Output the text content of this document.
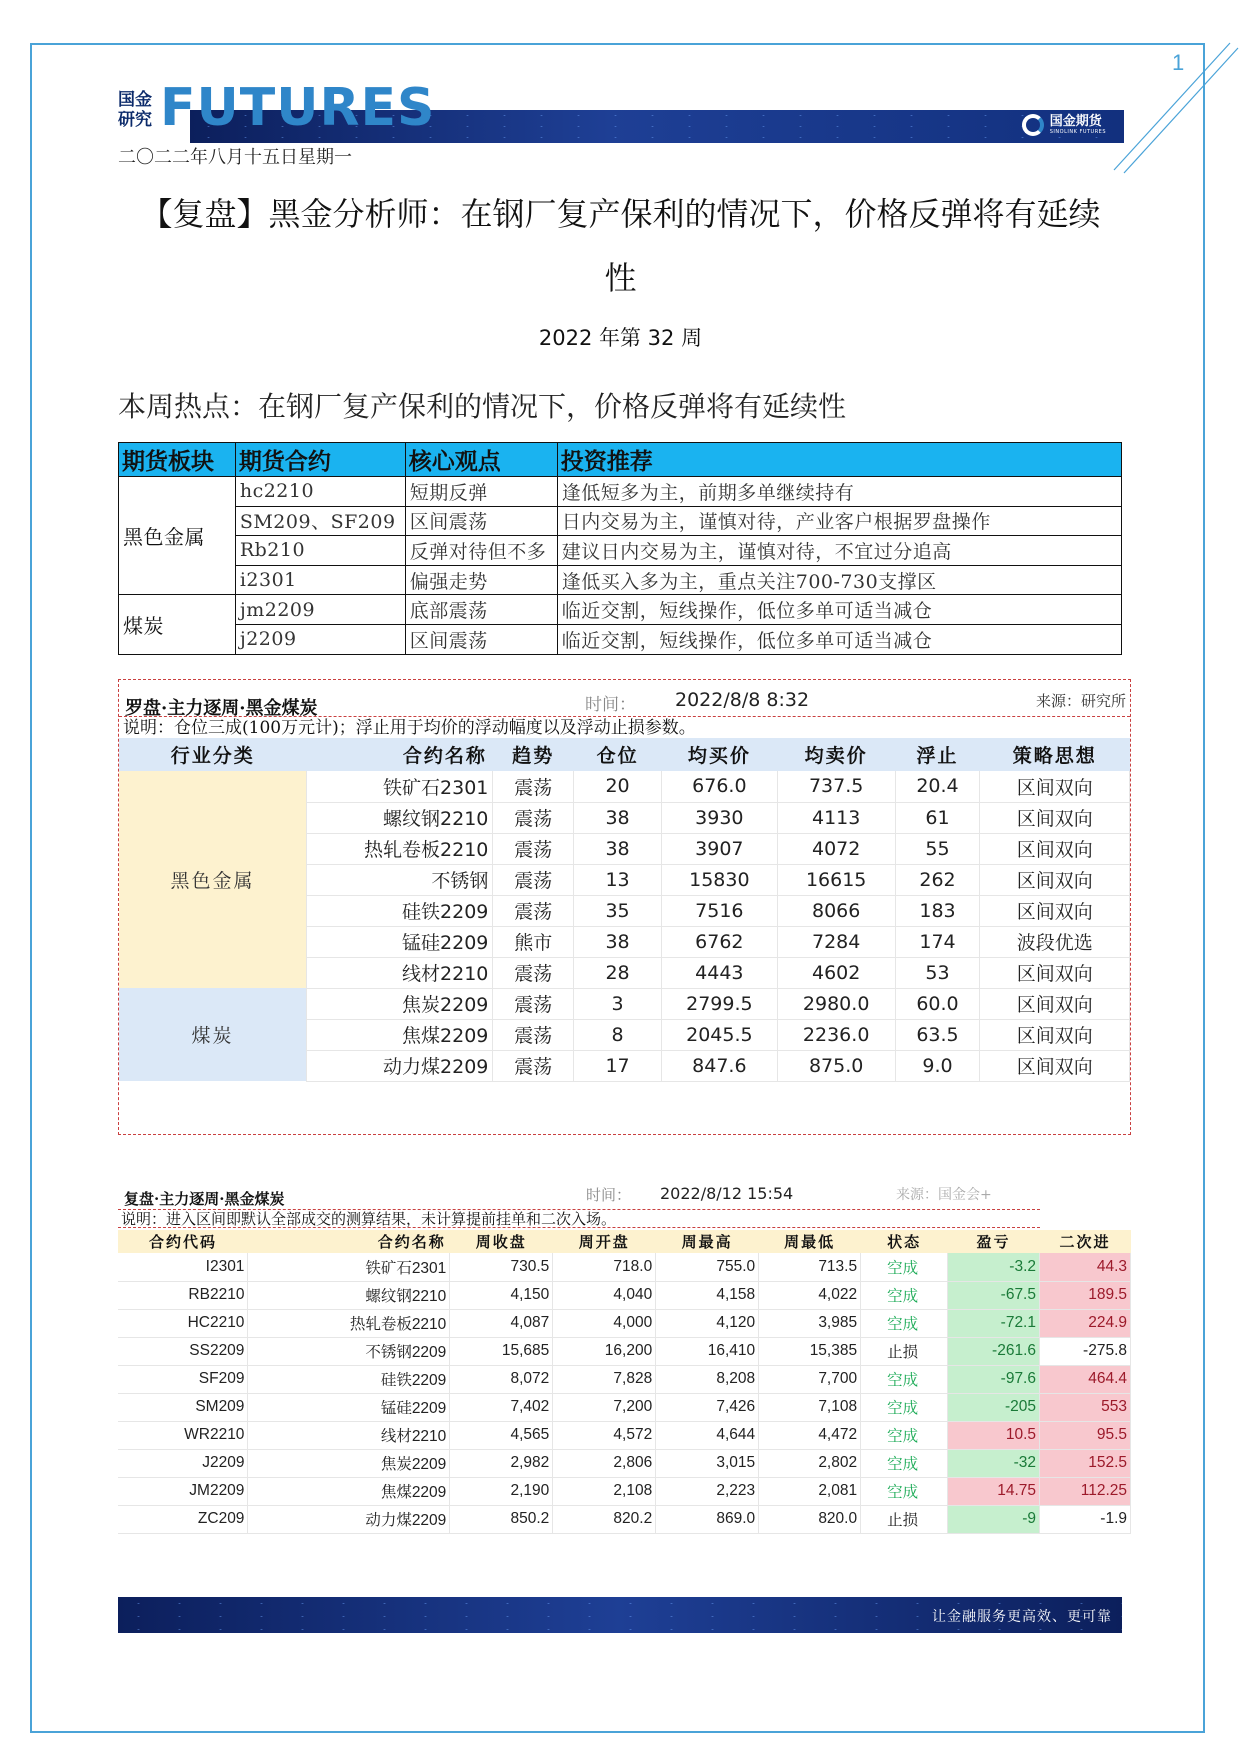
1
国金
研究	国金期货
SINOLINK FUTURES
FUTURES
二〇二二年八月十五日星期一
【复盘】黑金分析师：在钢厂复产保利的情况下，价格反弹将有延续
性
2022 年第 32 周
本周热点：在钢厂复产保利的情况下，价格反弹将有延续性
期货板块	期货合约	核心观点	投资推荐
黑色金属	hc2210	短期反弹	逢低短多为主，前期多单继续持有
	SM209、SF209	区间震荡	日内交易为主，谨慎对待，产业客户根据罗盘操作
	Rb210	反弹对待但不多	建议日内交易为主，谨慎对待，不宜过分追高
	i2301	偏强走势	逢低买入多为主，重点关注700-730支撑区
煤炭	jm2209	底部震荡	临近交割，短线操作，低位多单可适当减仓
	j2209	区间震荡	临近交割，短线操作，低位多单可适当减仓
罗盘·主力逐周·黑金煤炭	时间： 2022/8/8 8:32	来源：研究所
说明：仓位三成(100万元计)；浮止用于均价的浮动幅度以及浮动止损参数。
行业分类	合约名称	趋势	仓位	均买价	均卖价	浮止	策略思想
黑色金属	铁矿石2301	震荡	20	676.0	737.5	20.4	区间双向
	螺纹钢2210	震荡	38	3930	4113	61	区间双向
	热轧卷板2210	震荡	38	3907	4072	55	区间双向
	不锈钢	震荡	13	15830	16615	262	区间双向
	硅铁2209	震荡	35	7516	8066	183	区间双向
	锰硅2209	熊市	38	6762	7284	174	波段优选
	线材2210	震荡	28	4443	4602	53	区间双向
煤炭	焦炭2209	震荡	3	2799.5	2980.0	60.0	区间双向
	焦煤2209	震荡	8	2045.5	2236.0	63.5	区间双向
	动力煤2209	震荡	17	847.6	875.0	9.0	区间双向
复盘·主力逐周·黑金煤炭	时间： 2022/8/12 15:54	来源：国金会+
说明：进入区间即默认全部成交的测算结果，未计算提前挂单和二次入场。
合约代码	合约名称	周收盘	周开盘	周最高	周最低	状态	盈亏	二次进
I2301	铁矿石2301	730.5	718.0	755.0	713.5	空成	-3.2	44.3
RB2210	螺纹钢2210	4,150	4,040	4,158	4,022	空成	-67.5	189.5
HC2210	热轧卷板2210	4,087	4,000	4,120	3,985	空成	-72.1	224.9
SS2209	不锈钢2209	15,685	16,200	16,410	15,385	止损	-261.6	-275.8
SF209	硅铁2209	8,072	7,828	8,208	7,700	空成	-97.6	464.4
SM209	锰硅2209	7,402	7,200	7,426	7,108	空成	-205	553
WR2210	线材2210	4,565	4,572	4,644	4,472	空成	10.5	95.5
J2209	焦炭2209	2,982	2,806	3,015	2,802	空成	-32	152.5
JM2209	焦煤2209	2,190	2,108	2,223	2,081	空成	14.75	112.25
ZC209	动力煤2209	850.2	820.2	869.0	820.0	止损	-9	-1.9
让金融服务更高效、更可靠
